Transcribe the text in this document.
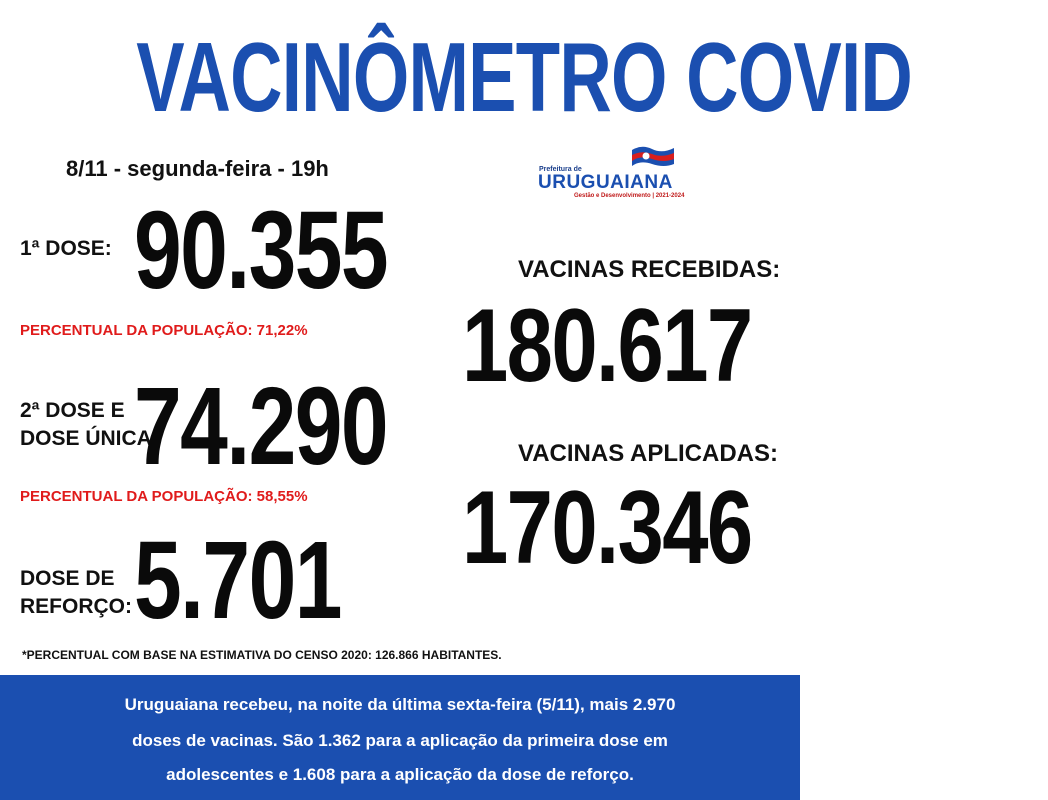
VACINÔMETRO COVID
8/11 - segunda-feira - 19h	Prefeitura de
URUGUAIANA
Gestão e Desenvolvimento | 2021-2024
1ª DOSE: 90.355
PERCENTUAL DA POPULAÇÃO: 71,22%
2ª DOSE E
DOSE ÚNICA:
74.290
PERCENTUAL DA POPULAÇÃO: 58,55%
DOSE DE
REFORÇO: 5.701
VACINAS RECEBIDAS:
180.617
VACINAS APLICADAS:
170.346
*PERCENTUAL COM BASE NA ESTIMATIVA DO CENSO 2020: 126.866 HABITANTES.
Uruguaiana recebeu, na noite da última sexta-feira (5/11), mais 2.970
doses de vacinas. São 1.362 para a aplicação da primeira dose em
adolescentes e 1.608 para a aplicação da dose de reforço.
